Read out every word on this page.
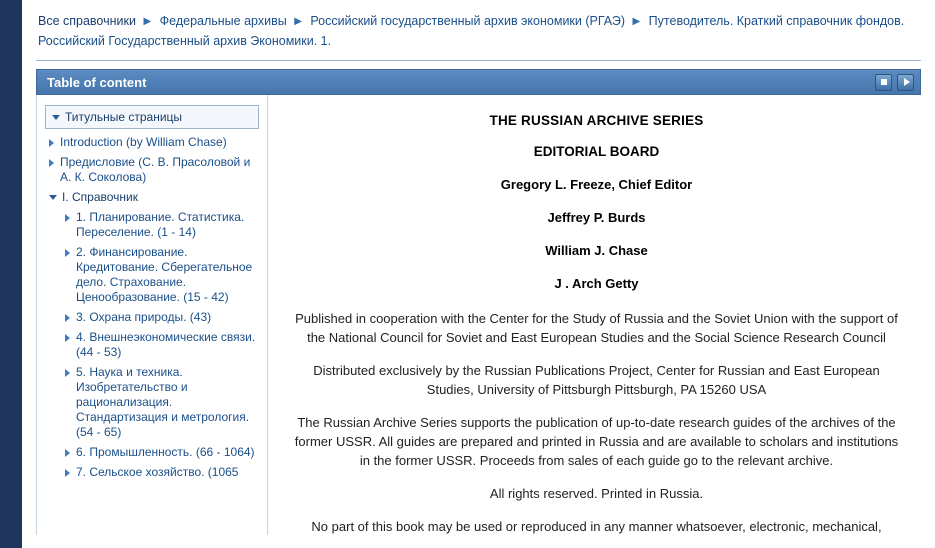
Все справочники ▶ Федеральные архивы ▶ Российский государственный архив экономики (РГАЭ) ▶ Путеводитель. Краткий справочник фондов. Российский Государственный архив Экономики. 1.
Table of content
Титульные страницы
Introduction (by William Chase)
Предисловие (С. В. Прасоловой и А. К. Соколова)
I. Справочник
1. Планирование. Статистика. Переселение. (1 - 14)
2. Финансирование. Кредитование. Сберегательное дело. Страхование. Ценообразование. (15 - 42)
3. Охрана природы. (43)
4. Внешнеэкономические связи. (44 - 53)
5. Наука и техника. Изобретательство и рационализация. Стандартизация и метрология. (54 - 65)
6. Промышленность. (66 - 1064)
7. Сельское хозяйство. (1065
THE RUSSIAN ARCHIVE SERIES
EDITORIAL BOARD
Gregory L. Freeze, Chief Editor
Jeffrey P. Burds
William J. Chase
J . Arch Getty

Published in cooperation with the Center for the Study of Russia and the Soviet Union with the support of the National Council for Soviet and East European Studies and the Social Science Research Council

Distributed exclusively by the Russian Publications Project, Center for Russian and East European Studies, University of Pittsburgh Pittsburgh, PA 15260 USA

The Russian Archive Series supports the publication of up-to-date research guides of the archives of the former USSR. All guides are prepared and printed in Russia and are available to scholars and institutions in the former USSR. Proceeds from sales of each guide go to the relevant archive.

All rights reserved. Printed in Russia.

No part of this book may be used or reproduced in any manner whatsoever, electronic, mechanical,
